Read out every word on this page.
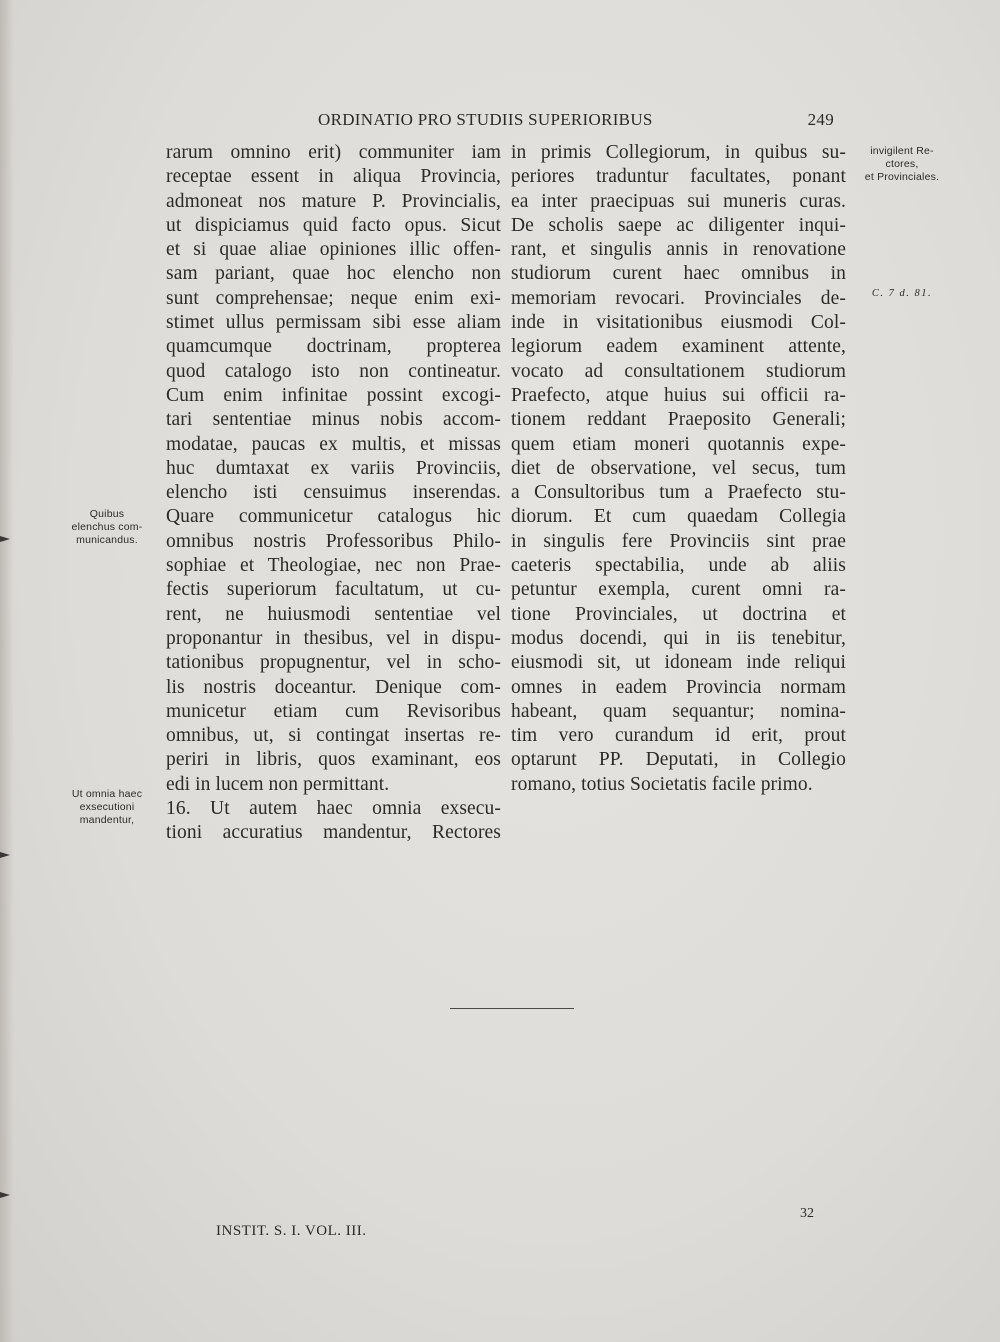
ORDINATIO PRO STUDIIS SUPERIORIBUS	249
rarum omnino erit) communiter iam
receptae essent in aliqua Provincia,
admoneat nos mature P. Provincialis,
ut dispiciamus quid facto opus. Sicut
et si quae aliae opiniones illic offen-
sam pariant, quae hoc elencho non
sunt comprehensae; neque enim exi-
stimet ullus permissam sibi esse aliam
quamcumque doctrinam, propterea
quod catalogo isto non contineatur.
Cum enim infinitae possint excogi-
tari sententiae minus nobis accom-
modatae, paucas ex multis, et missas
huc dumtaxat ex variis Provinciis,
elencho isti censuimus inserendas.
Quare communicetur catalogus hic
omnibus nostris Professoribus Philo-
sophiae et Theologiae, nec non Prae-
fectis superiorum facultatum, ut cu-
rent, ne huiusmodi sententiae vel
proponantur in thesibus, vel in dispu-
tationibus propugnentur, vel in scho-
lis nostris doceantur. Denique com-
municetur etiam cum Revisoribus
omnibus, ut, si contingat insertas re-
periri in libris, quos examinant, eos
edi in lucem non permittant.
16. Ut autem haec omnia exsecu-
tioni accuratius mandentur, Rectores
in primis Collegiorum, in quibus su-
periores traduntur facultates, ponant
ea inter praecipuas sui muneris curas.
De scholis saepe ac diligenter inqui-
rant, et singulis annis in renovatione
studiorum curent haec omnibus in
memoriam revocari. Provinciales de-
inde in visitationibus eiusmodi Col-
legiorum eadem examinent attente,
vocato ad consultationem studiorum
Praefecto, atque huius sui officii ra-
tionem reddant Praeposito Generali;
quem etiam moneri quotannis expe-
diet de observatione, vel secus, tum
a Consultoribus tum a Praefecto stu-
diorum. Et cum quaedam Collegia
in singulis fere Provinciis sint prae
caeteris spectabilia, unde ab aliis
petuntur exempla, curent omni ra-
tione Provinciales, ut doctrina et
modus docendi, qui in iis tenebitur,
eiusmodi sit, ut idoneam inde reliqui
omnes in eadem Provincia normam
habeant, quam sequantur; nomina-
tim vero curandum id erit, prout
optarunt PP. Deputati, in Collegio
romano, totius Societatis facile primo.
Quibus
elenchus com-
municandus.
Ut omnia haec
exsecutioni
mandentur,
invigilent Re-
ctores,
et Provinciales.
C. 7 d. 81.
INSTIT. S. I. VOL. III.
32
